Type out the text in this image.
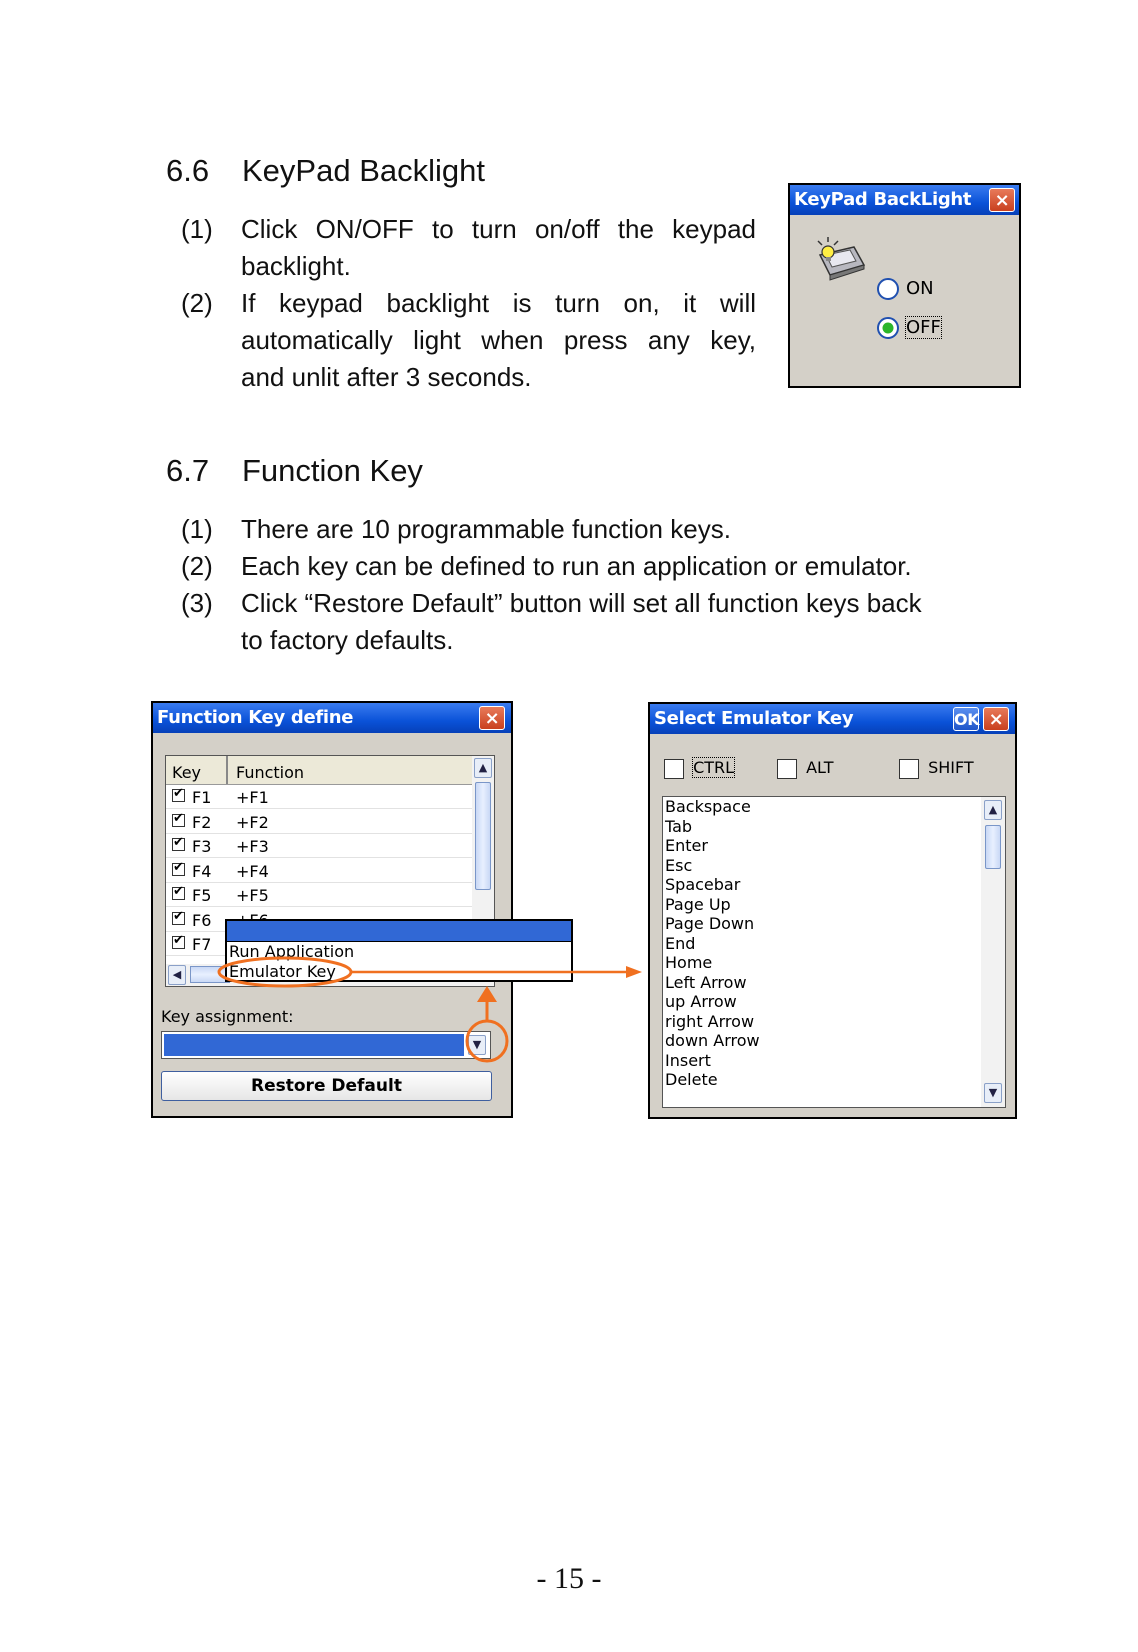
6.6 KeyPad Backlight
(1) Click ON/OFF to turn on/off the keypad
backlight.
(2) If keypad backlight is turn on, it will
automatically light when press any key,
and unlit after 3 seconds.
KeyPad BackLight	×
ON
OFF
6.7 Function Key
(1) There are 10 programmable function keys.
(2) Each key can be defined to run an application or emulator.
(3) Click “Restore Default” button will set all function keys back
to factory defaults.
Function Key define	×
Key	Function
✔
F1 +F1
✔
F2 +F2
✔
F3 +F3
✔
F4 +F4
✔
F5 +F5
✔
F6
✔
F7
▲
◀
Key assignment:
▼
Restore Default
Run Application
Emulator Key
Select Emulator Key	OK ×
CTRL	ALT	SHIFT
Backspace
Tab
Enter
Esc
Spacebar
Page Up
Page Down
End
Home
Left Arrow
up Arrow
right Arrow
down Arrow
Insert
Delete
▲
▼
- 15 -
